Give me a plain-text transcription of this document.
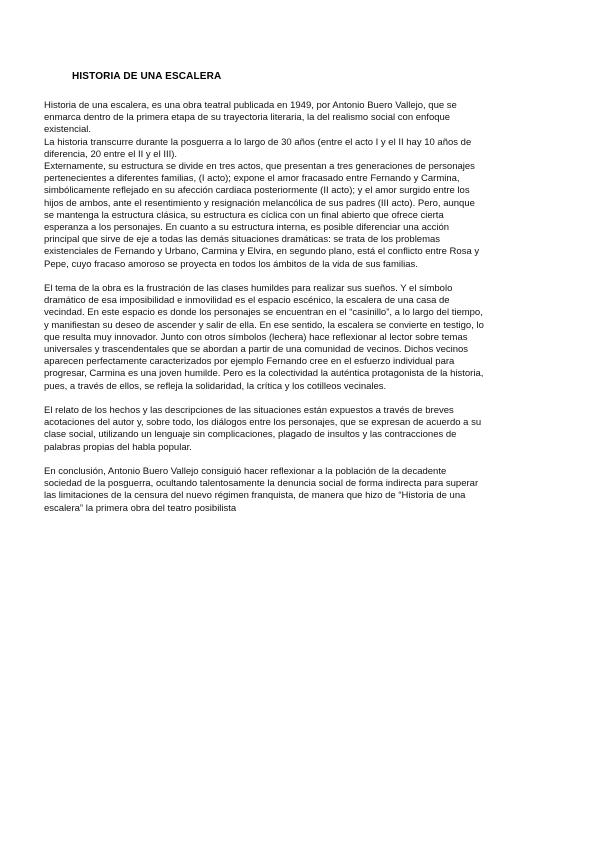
HISTORIA DE UNA ESCALERA

Historia de una escalera, es una obra teatral publicada en 1949, por Antonio Buero Vallejo, que se
enmarca dentro de la primera etapa de su trayectoria literaria, la del realismo social con enfoque
existencial.
La historia transcurre durante la posguerra a lo largo de 30 años (entre el acto I y el II hay 10 años de
diferencia, 20 entre el II y el III).
Externamente, su estructura se divide en tres actos, que presentan a tres generaciones de personajes
pertenecientes a diferentes familias, (I acto); expone el amor fracasado entre Fernando y Carmina,
simbólicamente reflejado en su afección cardiaca posteriormente (II acto); y el amor surgido entre los
hijos de ambos, ante el resentimiento y resignación melancólica de sus padres (III acto). Pero, aunque
se mantenga la estructura clásica, su estructura es cíclica con un final abierto que ofrece cierta
esperanza a los personajes. En cuanto a su estructura interna, es posible diferenciar una acción
principal que sirve de eje a todas las demás situaciones dramáticas: se trata de los problemas
existenciales de Fernando y Urbano, Carmina y Elvira, en segundo plano, está el conflicto entre Rosa y
Pepe, cuyo fracaso amoroso se proyecta en todos los ámbitos de la vida de sus familias.

El tema de la obra es la frustración de las clases humildes para realizar sus sueños. Y el símbolo
dramático de esa imposibilidad e inmovilidad es el espacio escénico, la escalera de una casa de
vecindad. En este espacio es donde los personajes se encuentran en el “casinillo”, a lo largo del tiempo,
y manifiestan su deseo de ascender y salir de ella. En ese sentido, la escalera se convierte en testigo, lo
que resulta muy innovador. Junto con otros símbolos (lechera) hace reflexionar al lector sobre temas
universales y trascendentales que se abordan a partir de una comunidad de vecinos. Dichos vecinos
aparecen perfectamente caracterizados por ejemplo Fernando cree en el esfuerzo individual para
progresar, Carmina es una joven humilde. Pero es la colectividad la auténtica protagonista de la historia,
pues, a través de ellos, se refleja la solidaridad, la crítica y los cotilleos vecinales.

El relato de los hechos y las descripciones de las situaciones están expuestos a través de breves
acotaciones del autor y, sobre todo, los diálogos entre los personajes, que se expresan de acuerdo a su
clase social, utilizando un lenguaje sin complicaciones, plagado de insultos y las contracciones de
palabras propias del habla popular.

En conclusión, Antonio Buero Vallejo consiguió hacer reflexionar a la población de la decadente
sociedad de la posguerra, ocultando talentosamente la denuncia social de forma indirecta para superar
las limitaciones de la censura del nuevo régimen franquista, de manera que hizo de “Historia de una
escalera” la primera obra del teatro posibilista
